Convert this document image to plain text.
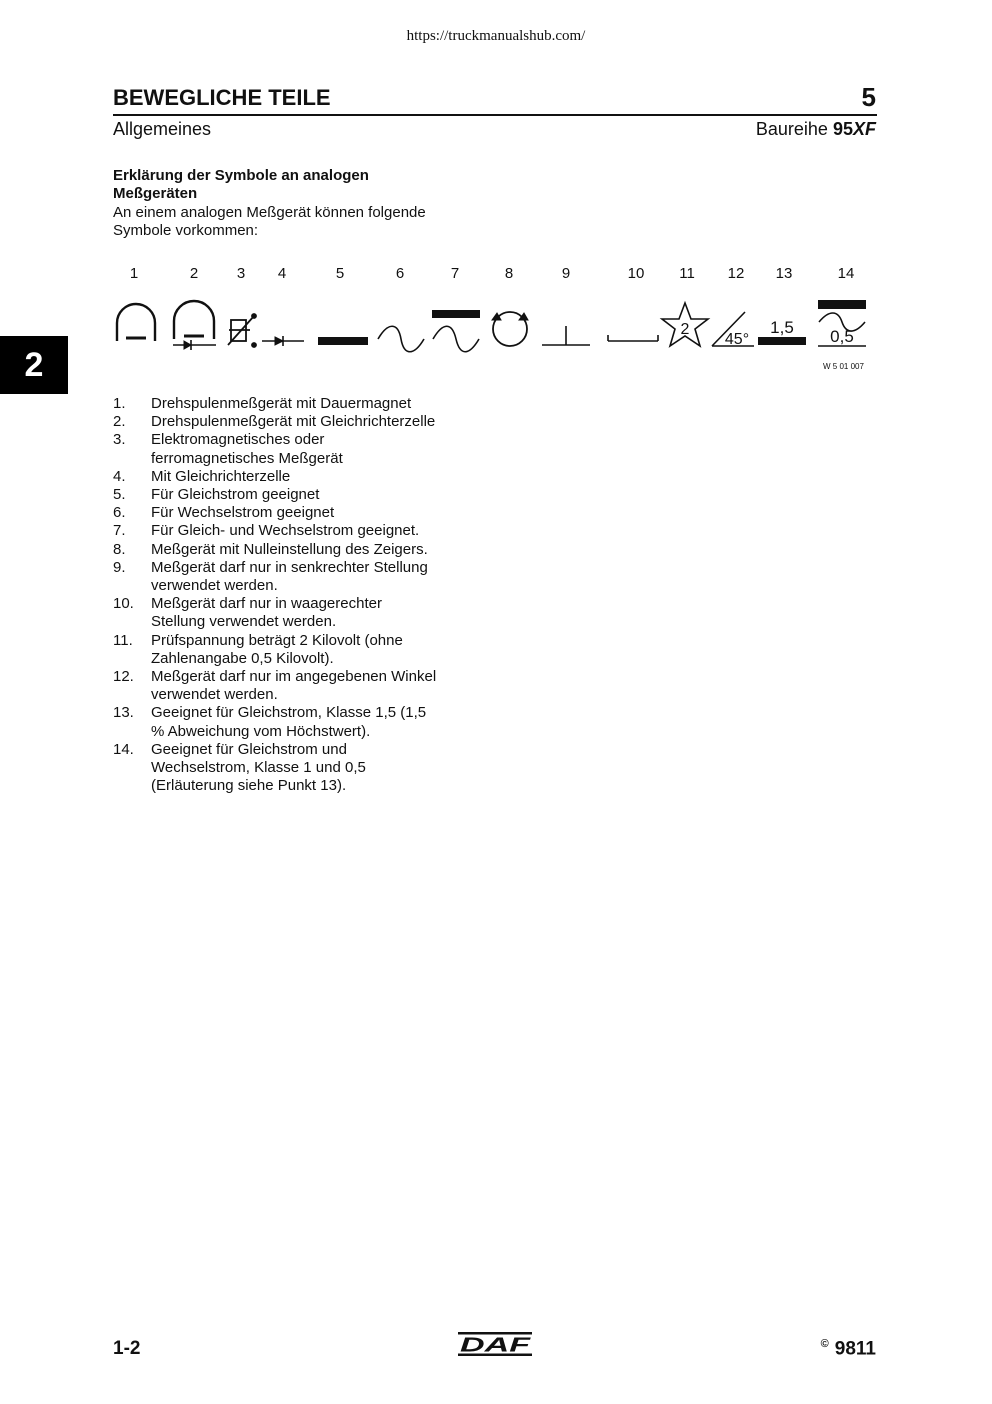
https://truckmanualshub.com/
BEWEGLICHE TEILE	5
Allgemeines	Baureihe 95XF
2
Erklärung der Symbole an analogen Meßgeräten
An einem analogen Meßgerät können folgende Symbole vorkommen:
1	2	3 4	5	6	7	8	9	10 11 12 13	14
2
45°
1,5 0,5
W 5 01 007
1.	Drehspulenmeßgerät mit Dauermagnet
2.	Drehspulenmeßgerät mit Gleichrichterzelle
3.	Elektromagnetisches oder ferromagnetisches Meßgerät
4.	Mit Gleichrichterzelle
5.	Für Gleichstrom geeignet
6.	Für Wechselstrom geeignet
7.	Für Gleich- und Wechselstrom geeignet.
8.	Meßgerät mit Nulleinstellung des Zeigers.
9.	Meßgerät darf nur in senkrechter Stellung verwendet werden.
10.	Meßgerät darf nur in waagerechter Stellung verwendet werden.
11.	Prüfspannung beträgt 2 Kilovolt (ohne Zahlenangabe 0,5 Kilovolt).
12.	Meßgerät darf nur im angegebenen Winkel verwendet werden.
13.	Geeignet für Gleichstrom, Klasse 1,5 (1,5 % Abweichung vom Höchstwert).
14.	Geeignet für Gleichstrom und Wechselstrom, Klasse 1 und 0,5 (Erläuterung siehe Punkt 13).
1-2	DAF	© 9811
